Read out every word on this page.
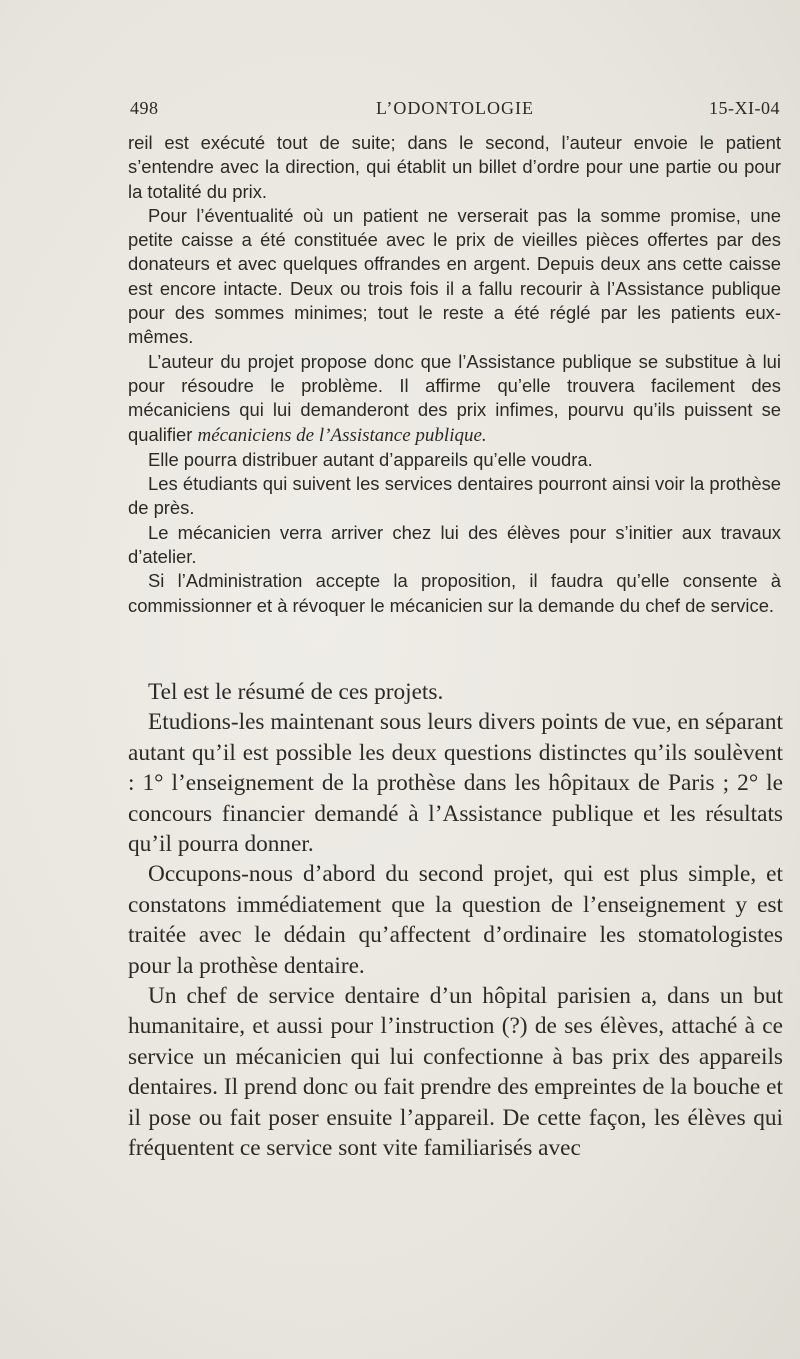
498	L’ODONTOLOGIE	15-XI-04

reil est exécuté tout de suite; dans le second, l’auteur envoie le patient s’entendre avec la direction, qui établit un billet d’ordre pour une partie ou pour la totalité du prix.

Pour l’éventualité où un patient ne verserait pas la somme promise, une petite caisse a été constituée avec le prix de vieilles pièces offertes par des donateurs et avec quelques offrandes en argent. Depuis deux ans cette caisse est encore intacte. Deux ou trois fois il a fallu recourir à l’Assistance publique pour des sommes minimes; tout le reste a été réglé par les patients eux-mêmes.

L’auteur du projet propose donc que l’Assistance publique se substitue à lui pour résoudre le problème. Il affirme qu’elle trouvera facilement des mécaniciens qui lui demanderont des prix infimes, pourvu qu’ils puissent se qualifier mécaniciens de l’Assistance publique.

Elle pourra distribuer autant d’appareils qu’elle voudra.

Les étudiants qui suivent les services dentaires pourront ainsi voir la prothèse de près.

Le mécanicien verra arriver chez lui des élèves pour s’initier aux travaux d’atelier.

Si l’Administration accepte la proposition, il faudra qu’elle consente à commissionner et à révoquer le mécanicien sur la demande du chef de service.

Tel est le résumé de ces projets.

Etudions-les maintenant sous leurs divers points de vue, en séparant autant qu’il est possible les deux questions distinctes qu’ils soulèvent : 1° l’enseignement de la prothèse dans les hôpitaux de Paris ; 2° le concours financier demandé à l’Assistance publique et les résultats qu’il pourra donner.

Occupons-nous d’abord du second projet, qui est plus simple, et constatons immédiatement que la question de l’enseignement y est traitée avec le dédain qu’affectent d’ordinaire les stomatologistes pour la prothèse dentaire.

Un chef de service dentaire d’un hôpital parisien a, dans un but humanitaire, et aussi pour l’instruction (?) de ses élèves, attaché à ce service un mécanicien qui lui confectionne à bas prix des appareils dentaires. Il prend donc ou fait prendre des empreintes de la bouche et il pose ou fait poser ensuite l’appareil. De cette façon, les élèves qui fréquentent ce service sont vite familiarisés avec
